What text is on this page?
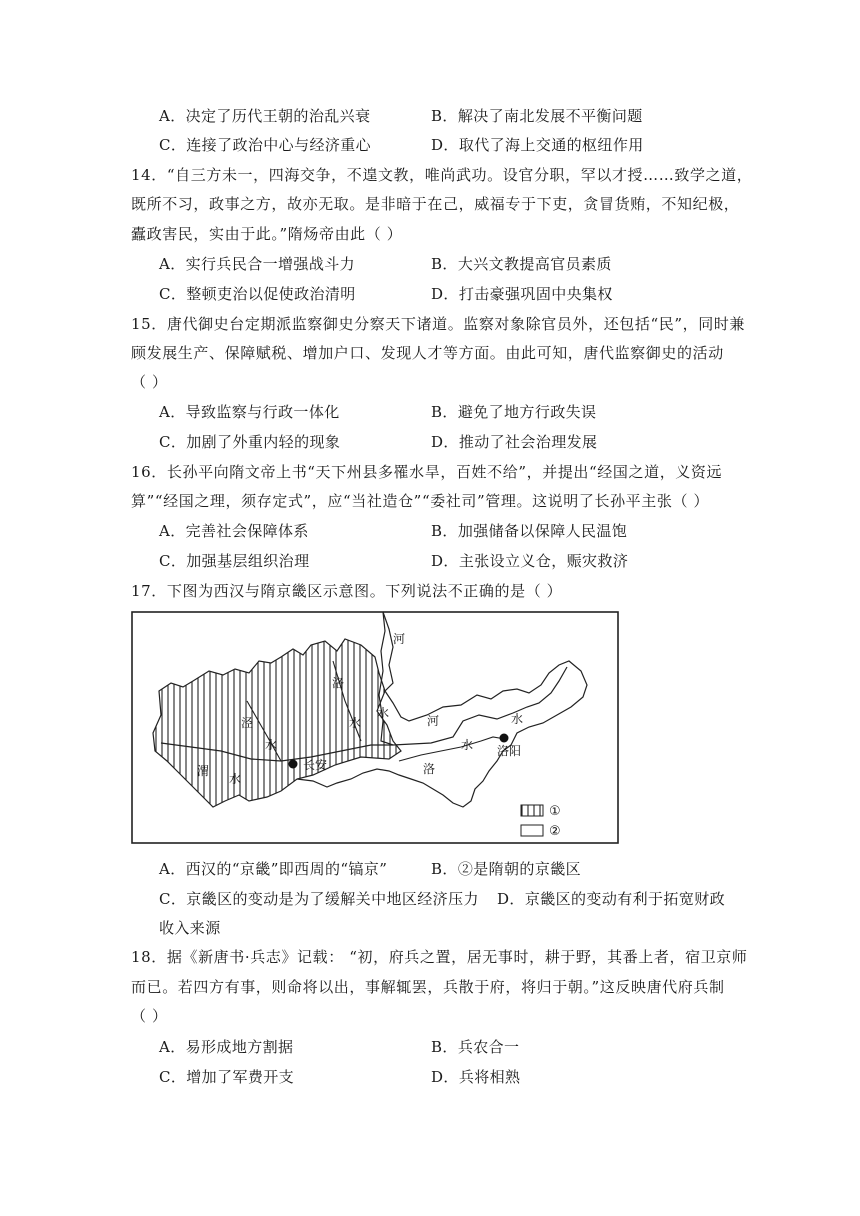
A．决定了历代王朝的治乱兴衰	B．解决了南北发展不平衡问题
C．连接了政治中心与经济重心	D．取代了海上交通的枢纽作用
14．“自三方未一，四海交争，不遑文教，唯尚武功。设官分职，罕以才授……致学之道，
既所不习，政事之方，故亦无取。是非暗于在己，威福专于下吏，贪冒货贿，不知纪极，
蠹政害民，实由于此。”隋炀帝由此（ ）
A．实行兵民合一增强战斗力	B．大兴文教提高官员素质
C．整顿吏治以促使政治清明	D．打击豪强巩固中央集权
15．唐代御史台定期派监察御史分察天下诸道。监察对象除官员外，还包括“民”，同时兼
顾发展生产、保障赋税、增加户口、发现人才等方面。由此可知，唐代监察御史的活动
（ ）
A．导致监察与行政一体化	B．避免了地方行政失误
C．加剧了外重内轻的现象	D．推动了社会治理发展
16．长孙平向隋文帝上书“天下州县多罹水旱，百姓不给”，并提出“经国之道，义资远
算”“经国之理，须存定式”，应“当社造仓”“委社司”管理。这说明了长孙平主张（ ）
A．完善社会保障体系	B．加强储备以保障人民温饱
C．加强基层组织治理	D．主张设立义仓，赈灾救济
17．下图为西汉与隋京畿区示意图。下列说法不正确的是（ ）
河
洛
水
水
河	水
泾
水
洛
水 洛阳
长安
渭
水
①
②
A．西汉的“京畿”即西周的“镐京”	B．②是隋朝的京畿区
C．京畿区的变动是为了缓解关中地区经济压力 D．京畿区的变动有利于拓宽财政
收入来源
18．据《新唐书·兵志》记载： “初，府兵之置，居无事时，耕于野，其番上者，宿卫京师
而已。若四方有事，则命将以出，事解辄罢，兵散于府，将归于朝。”这反映唐代府兵制
（ ）
A．易形成地方割据	B．兵农合一
C．增加了军费开支	D．兵将相熟
